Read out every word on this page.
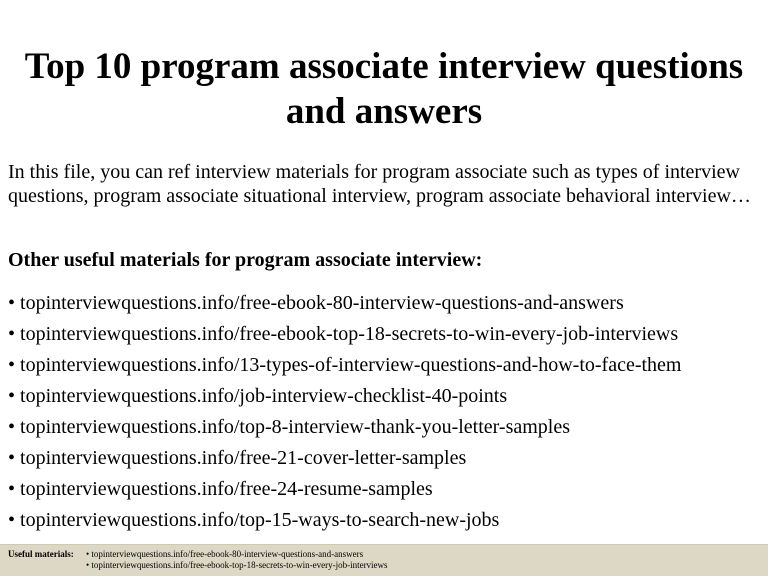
Top 10 program associate interview questions and answers

In this file, you can ref interview materials for program associate such as types of interview questions, program associate situational interview, program associate behavioral interview…

Other useful materials for program associate interview:

• topinterviewquestions.info/free-ebook-80-interview-questions-and-answers
• topinterviewquestions.info/free-ebook-top-18-secrets-to-win-every-job-interviews
• topinterviewquestions.info/13-types-of-interview-questions-and-how-to-face-them
• topinterviewquestions.info/job-interview-checklist-40-points
• topinterviewquestions.info/top-8-interview-thank-you-letter-samples
• topinterviewquestions.info/free-21-cover-letter-samples
• topinterviewquestions.info/free-24-resume-samples
• topinterviewquestions.info/top-15-ways-to-search-new-jobs
Useful materials: • topinterviewquestions.info/free-ebook-80-interview-questions-and-answers
• topinterviewquestions.info/free-ebook-top-18-secrets-to-win-every-job-interviews
